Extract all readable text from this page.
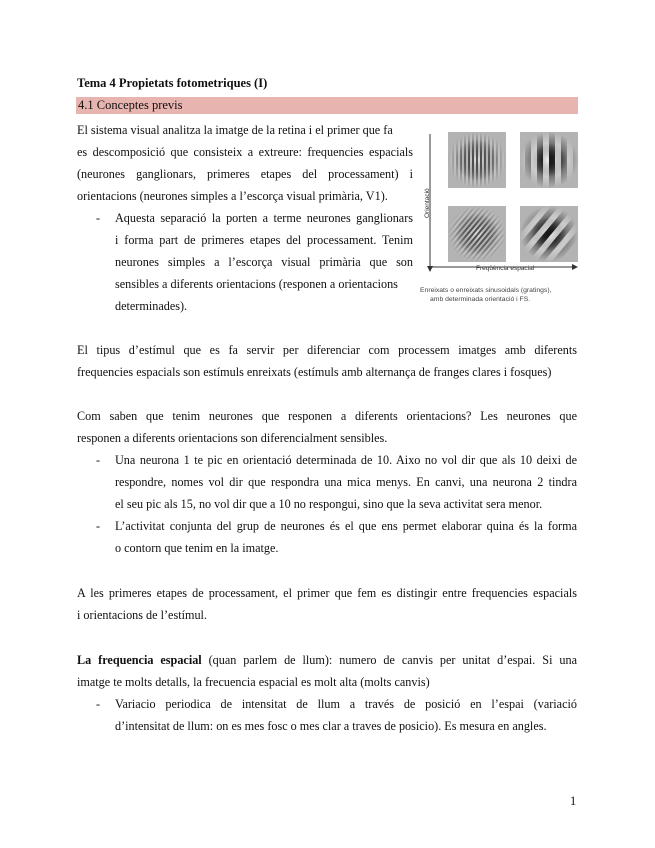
Tema 4 Propietats fotometriques (I)
4.1 Conceptes previs
El sistema visual analitza la imatge de la retina i el primer que fa
es descomposició que consisteix a extreure: frequencies espacials
(neurones ganglionars, primeres etapes del processament) i
orientacions (neurones simples a l’escorça visual primària, V1).
- Aquesta separació la porten a terme neurones ganglionars
i forma part de primeres etapes del processament. Tenim
neurones simples a l’escorça visual primària que son
sensibles a diferents orientacions (responen a orientacions
determinades).
Orientació
Freqüència espacial
Enreixats o enreixats sinusoidals (gratings),
amb determinada orientació i FS.
El tipus d’estímul que es fa servir per diferenciar com processem imatges amb diferents
frequencies espacials son estímuls enreixats (estímuls amb alternança de franges clares i fosques)
Com saben que tenim neurones que responen a diferents orientacions? Les neurones que
responen a diferents orientacions son diferencialment sensibles.
- Una neurona 1 te pic en orientació determinada de 10. Aixo no vol dir que als 10 deixi de
respondre, nomes vol dir que respondra una mica menys. En canvi, una neurona 2 tindra
el seu pic als 15, no vol dir que a 10 no respongui, sino que la seva activitat sera menor.
- L’activitat conjunta del grup de neurones és el que ens permet elaborar quina és la forma
o contorn que tenim en la imatge.
A les primeres etapes de processament, el primer que fem es distingir entre frequencies espacials
i orientacions de l’estímul.
La frequencia espacial (quan parlem de llum): numero de canvis per unitat d’espai. Si una
imatge te molts detalls, la frecuencia espacial es molt alta (molts canvis)
- Variacio periodica de intensitat de llum a través de posició en l’espai (variació
d’intensitat de llum: on es mes fosc o mes clar a traves de posicio). Es mesura en angles.
1
